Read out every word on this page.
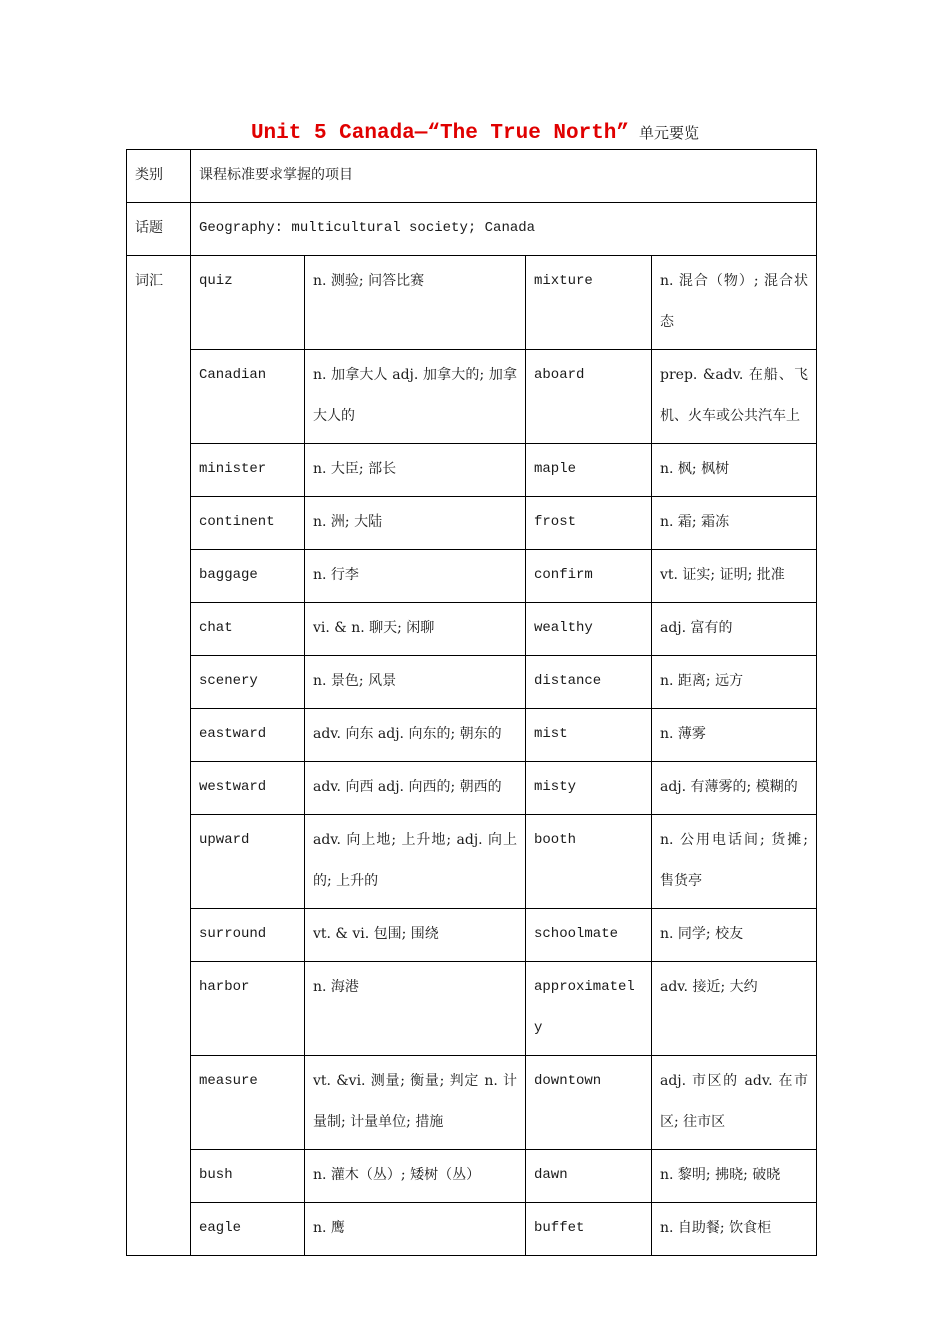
Unit 5 Canada—“The True North” 单元要览
类别	课程标准要求掌握的项目			
话题	Geography: multicultural society; Canada			
词汇	quiz	n. 测验; 问答比赛	mixture	n. 混合（物）; 混合状态
	Canadian	n. 加拿大人 adj. 加拿大的; 加拿大人的	aboard	prep. &adv. 在船、飞机、火车或公共汽车上
	minister	n. 大臣; 部长	maple	n. 枫; 枫树
	continent	n. 洲; 大陆	frost	n. 霜; 霜冻
	baggage	n. 行李	confirm	vt. 证实; 证明; 批准
	chat	vi. & n. 聊天; 闲聊	wealthy	adj. 富有的
	scenery	n. 景色; 风景	distance	n. 距离; 远方
	eastward	adv. 向东 adj. 向东的; 朝东的	mist	n. 薄雾
	westward	adv. 向西 adj. 向西的; 朝西的	misty	adj. 有薄雾的; 模糊的
	upward	adv. 向上地; 上升地; adj. 向上的; 上升的	booth	n. 公用电话间; 货摊; 售货亭
	surround	vt. & vi. 包围; 围绕	schoolmate	n. 同学; 校友
	harbor	n. 海港	approximately	adv. 接近; 大约
	measure	vt. &vi. 测量; 衡量; 判定 n. 计量制; 计量单位; 措施	downtown	adj. 市区的 adv. 在市区; 往市区
	bush	n. 灌木（丛）; 矮树（丛）	dawn	n. 黎明; 拂晓; 破晓
	eagle	n. 鹰	buffet	n. 自助餐; 饮食柜
